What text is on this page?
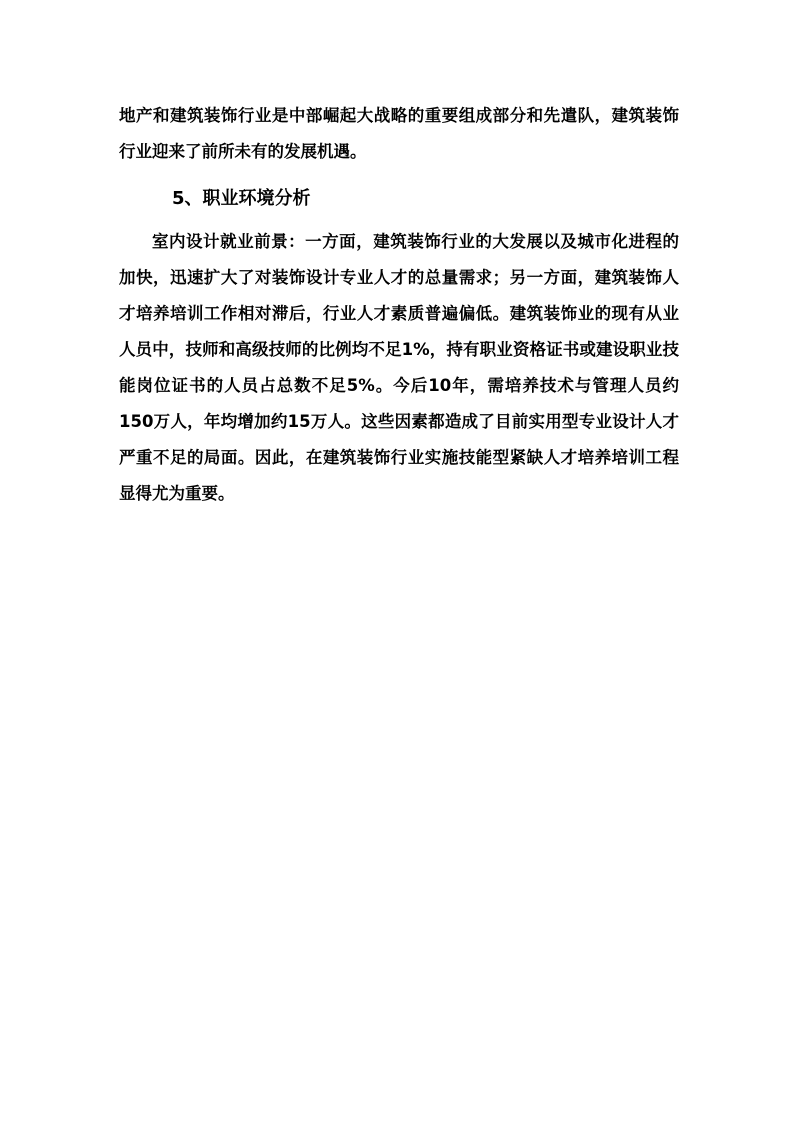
地产和建筑装饰行业是中部崛起大战略的重要组成部分和先遣队，建筑装饰行业迎来了前所未有的发展机遇。

5、职业环境分析

室内设计就业前景：一方面，建筑装饰行业的大发展以及城市化进程的加快，迅速扩大了对装饰设计专业人才的总量需求；另一方面，建筑装饰人才培养培训工作相对滞后，行业人才素质普遍偏低。建筑装饰业的现有从业人员中，技师和高级技师的比例均不足1%，持有职业资格证书或建设职业技能岗位证书的人员占总数不足5%。今后10年，需培养技术与管理人员约150万人，年均增加约15万人。这些因素都造成了目前实用型专业设计人才严重不足的局面。因此，在建筑装饰行业实施技能型紧缺人才培养培训工程显得尤为重要。
